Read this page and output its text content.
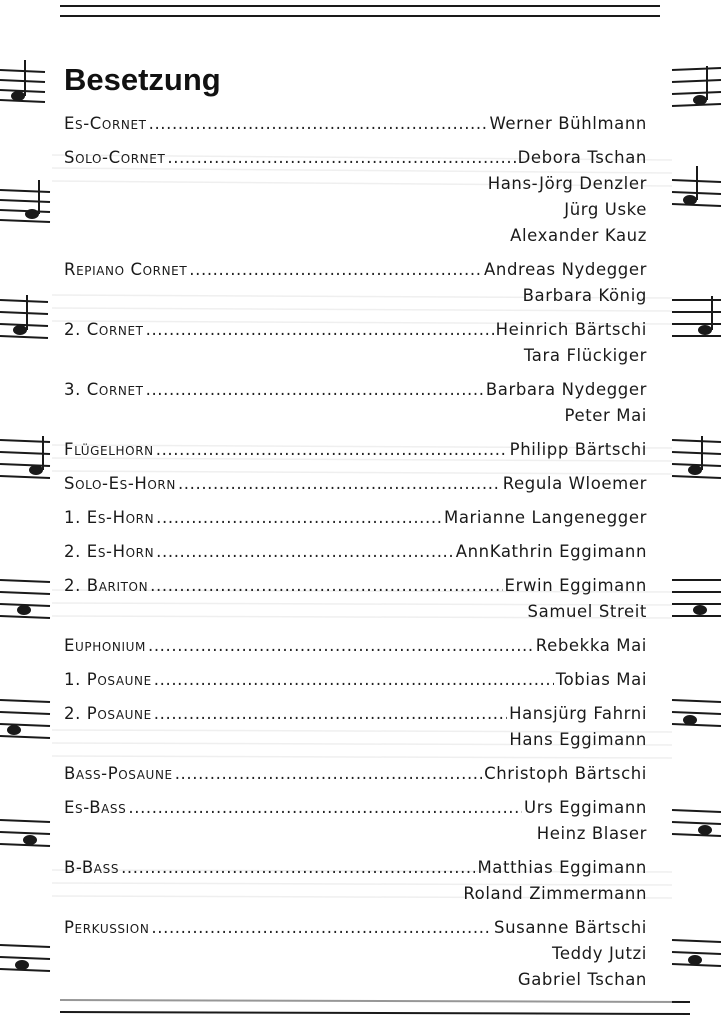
Besetzung
Es-Cornet .....	Werner Bühlmann
Solo-Cornet .....	Debora Tschan
Hans-Jörg Denzler
Jürg Uske
Alexander Kauz
Repiano Cornet .....	Andreas Nydegger
Barbara König
2. Cornet .....	Heinrich Bärtschi
Tara Flückiger
3. Cornet .....	Barbara Nydegger
Peter Mai
Flügelhorn .....	Philipp Bärtschi
Solo-Es-Horn .....	Regula Wloemer
1. Es-Horn .....	Marianne Langenegger
2. Es-Horn .....	AnnKathrin Eggimann
2. Bariton .....	Erwin Eggimann
Samuel Streit
Euphonium .....	Rebekka Mai
1. Posaune .....	Tobias Mai
2. Posaune .....	Hansjürg Fahrni
Hans Eggimann
Bass-Posaune .....	Christoph Bärtschi
Es-Bass .....	Urs Eggimann
Heinz Blaser
B-Bass .....	Matthias Eggimann
Roland Zimmermann
Perkussion .....	Susanne Bärtschi
Teddy Jutzi
Gabriel Tschan
